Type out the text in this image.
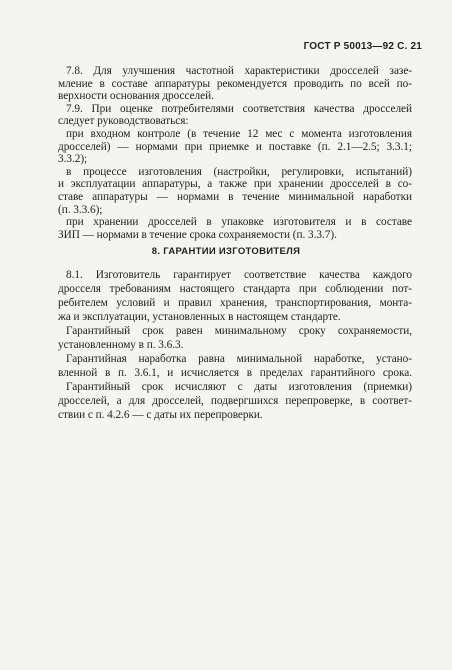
ГОСТ Р 50013—92 С. 21
7.8. Для улучшения частотной характеристики дросселей зазе-
мление в составе аппаратуры рекомендуется проводить по всей по-
верхности основания дросселей.
7.9. При оценке потребителями соответствия качества дросселей
следует руководствоваться:
при входном контроле (в течение 12 мес с момента изготовления
дросселей) — нормами при приемке и поставке (п. 2.1—2.5; 3.3.1;
3.3.2);
в процессе изготовления (настройки, регулировки, испытаний)
и эксплуатации аппаратуры, а также при хранении дросселей в со-
ставе аппаратуры — нормами в течение минимальной наработки
(п. 3.3.6);
при хранении дросселей в упаковке изготовителя и в составе
ЗИП — нормами в течение срока сохраняемости (п. 3.3.7).
8. ГАРАНТИИ ИЗГОТОВИТЕЛЯ
8.1. Изготовитель гарантирует соответствие качества каждого
дросселя требованиям настоящего стандарта при соблюдении пот-
ребителем условий и правил хранения, транспортирования, монта-
жа и эксплуатации, установленных в настоящем стандарте.
Гарантийный срок равен минимальному сроку сохраняемости,
установленному в п. 3.6.3.
Гарантийная наработка равна минимальной наработке, устано-
вленной в п. 3.6.1, и исчисляется в пределах гарантийного срока.
Гарантийный срок исчисляют с даты изготовления (приемки)
дросселей, а для дросселей, подвергшихся перепроверке, в соответ-
ствии с п. 4.2.6 — с даты их перепроверки.
